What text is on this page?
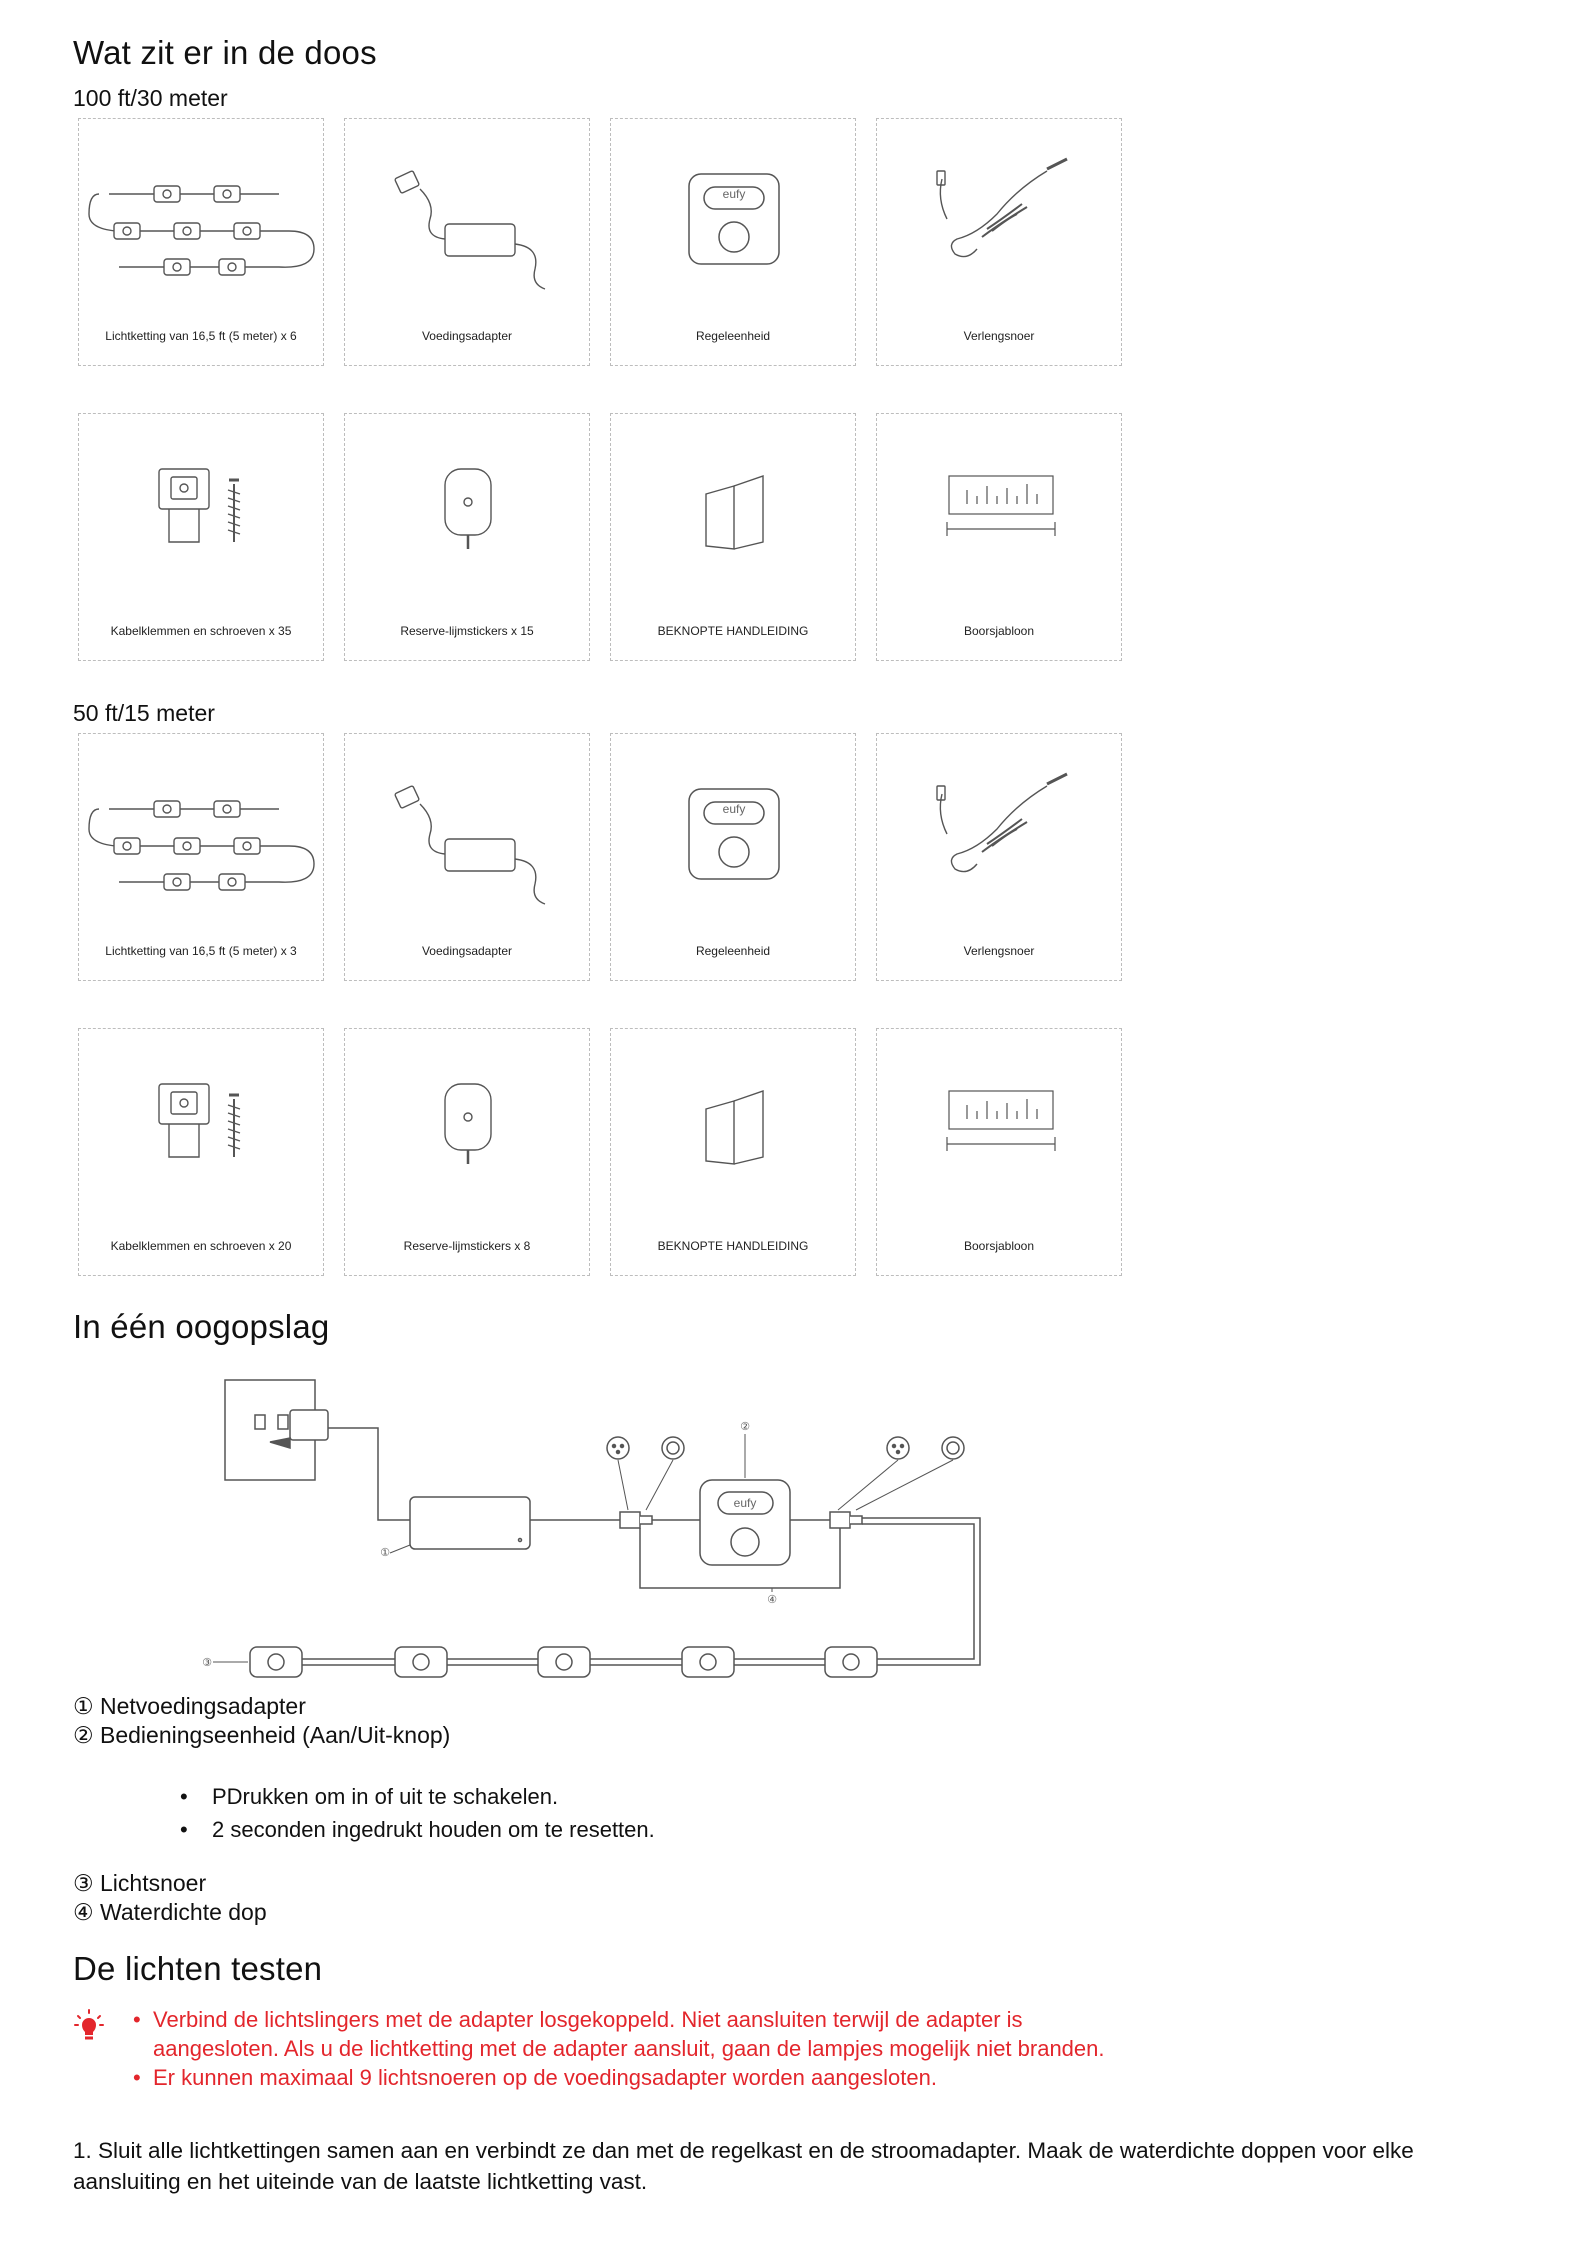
Wat zit er in de doos
100 ft/30 meter
Lichtketting van 16,5 ft (5 meter) x 6	Voedingsadapter
eufy
Regeleenheid	Verlengsnoer
Kabelklemmen en schroeven x 35	Reserve-lijmstickers x 15	BEKNOPTE HANDLEIDING	Boorsjabloon
50 ft/15 meter
Lichtketting van 16,5 ft (5 meter) x 3	Voedingsadapter
eufy
Regeleenheid	Verlengsnoer
Kabelklemmen en schroeven x 20	Reserve-lijmstickers x 8	BEKNOPTE HANDLEIDING	Boorsjabloon
In één oogopslag
eufy
①
②
③
④
① Netvoedingsadapter
② Bedieningseenheid (Aan/Uit-knop)
• PDrukken om in of uit te schakelen.
• 2 seconden ingedrukt houden om te resetten.
③ Lichtsnoer
④ Waterdichte dop
De lichten testen
• Verbind de lichtslingers met de adapter losgekoppeld. Niet aansluiten terwijl de adapter is aangesloten. Als u de lichtketting met de adapter aansluit, gaan de lampjes mogelijk niet branden.
• Er kunnen maximaal 9 lichtsnoeren op de voedingsadapter worden aangesloten.
1. Sluit alle lichtkettingen samen aan en verbindt ze dan met de regelkast en de stroomadapter. Maak de waterdichte doppen voor elke aansluiting en het uiteinde van de laatste lichtketting vast.
